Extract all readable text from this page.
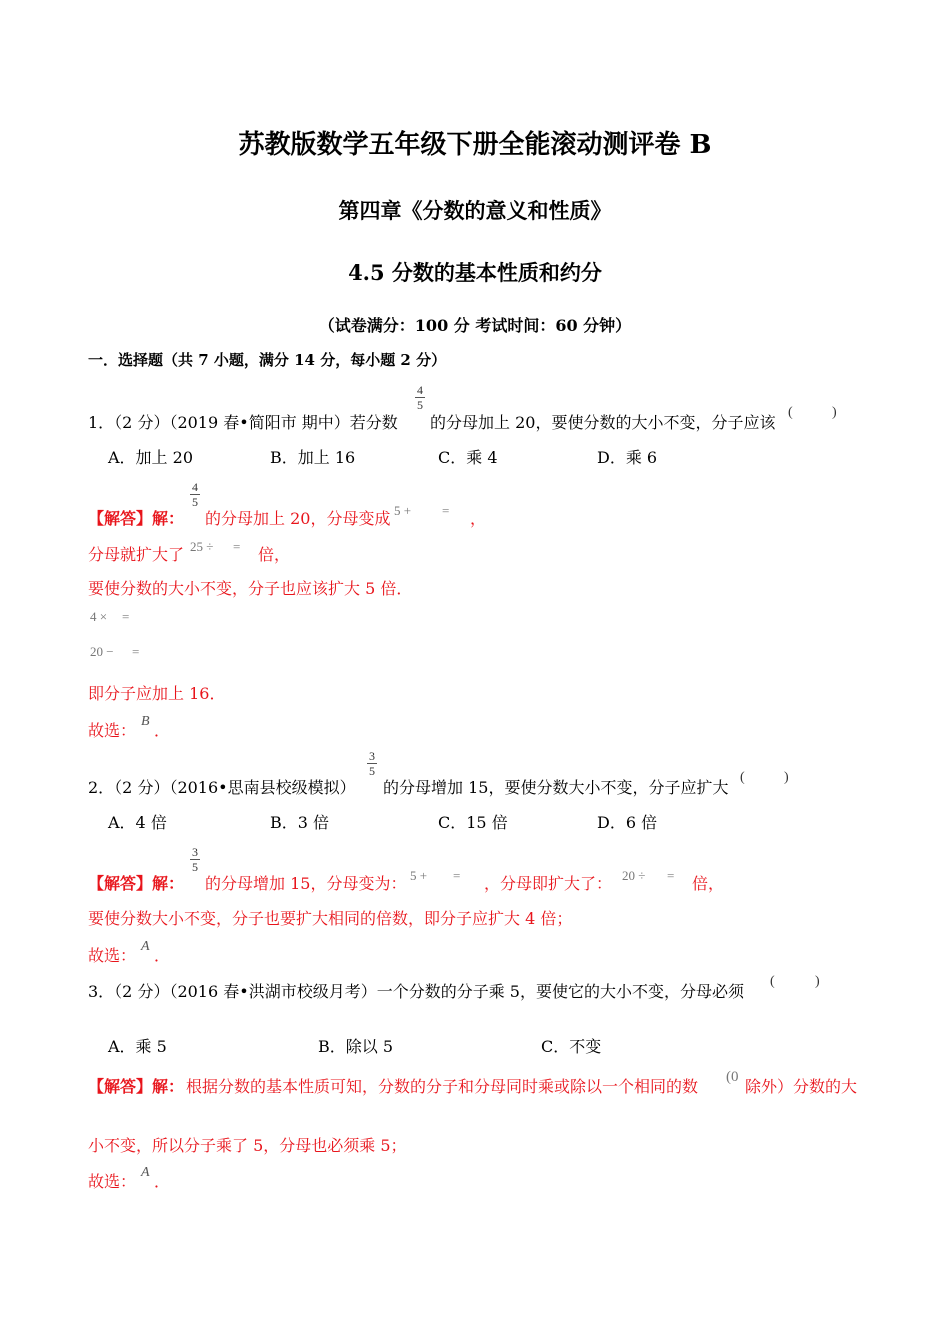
苏教版数学五年级下册全能滚动测评卷 B
第四章《分数的意义和性质》
4.5 分数的基本性质和约分
（试卷满分：100 分 考试时间：60 分钟）
一．选择题（共 7 小题，满分 14 分，每小题 2 分）
1．（2 分）（2019 春•简阳市 期中）若分数
$\frac{4}{5}$
的分母加上 20，要使分数的大小不变，分子应该
(	)
A．加上 20	B．加上 16	C．乘 4	D．乘 6
【解答】解：
$\frac{4}{5}$
的分母加上 20，分母变成 5 + = ，
分母就扩大了 25 ÷ = 倍，
要使分数的大小不变，分子也应该扩大 5 倍．
4 × =
20 − =
即分子应加上 16．
故选： B ．
2．（2 分）（2016•思南县校级模拟）
$\frac{3}{5}$
的分母增加 15，要使分数大小不变，分子应扩大
(	)
A．4 倍	B．3 倍	C．15 倍	D．6 倍
【解答】解：
$\frac{3}{5}$
的分母增加 15，分母变为： 5 + = ，分母即扩大了： 20 ÷ = 倍，
要使分数大小不变，分子也要扩大相同的倍数，即分子应扩大 4 倍；
故选： A ．
3．（2 分）（2016 春•洪湖市校级月考）一个分数的分子乘 5，要使它的大小不变，分母必须
(	)
A．乘 5	B．除以 5	C．不变
【解答】解： 根据分数的基本性质可知，分数的分子和分母同时乘或除以一个相同的数 (0 除外）分数的大
小不变，所以分子乘了 5，分母也必须乘 5；
故选： A ．
